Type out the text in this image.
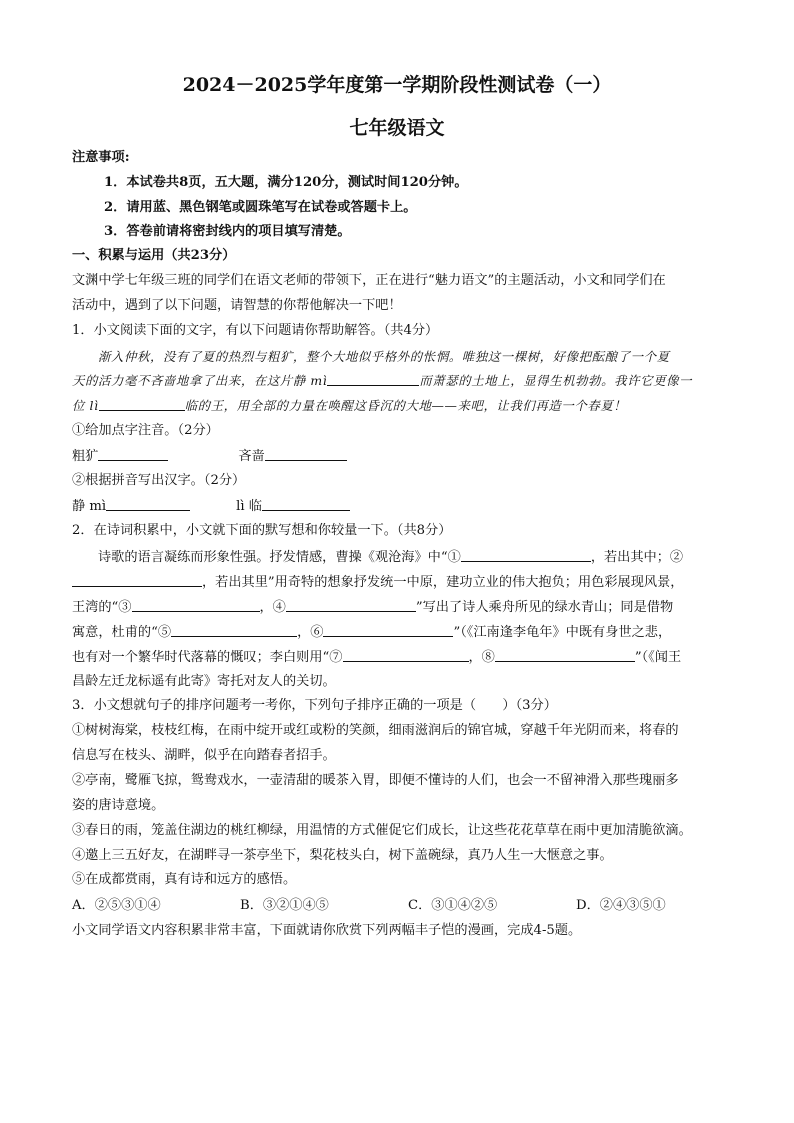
2024－2025学年度第一学期阶段性测试卷（一）
七年级语文
注意事项:
1．本试卷共8页，五大题，满分120分，测试时间120分钟。
2．请用蓝、黑色钢笔或圆珠笔写在试卷或答题卡上。
3．答卷前请将密封线内的项目填写清楚。
一、积累与运用（共23分）
文渊中学七年级三班的同学们在语文老师的带领下，正在进行“魅力语文”的主题活动，小文和同学们在
活动中，遇到了以下问题，请智慧的你帮他解决一下吧！
1．小文阅读下面的文字，有以下问题请你帮助解答。（共4分）
渐入仲秋，没有了夏的热烈与粗犷，整个大地似乎格外的怅惘。唯独这一棵树，好像把酝酿了一个夏
天的活力毫不吝啬地拿了出来，在这片静 mì	而萧瑟的土地上，显得生机勃勃。我许它更像一
位 lì	临的王，用全部的力量在唤醒这昏沉的大地——来吧，让我们再造一个春夏！
①给加点字注音。（2分）
粗犷	吝啬
②根据拼音写出汉字。（2分）
静 mì	lì 临
2．在诗词积累中，小文就下面的默写想和你较量一下。（共8分）
诗歌的语言凝练而形象性强。抒发情感，曹操《观沧海》中“①	，若出其中；②
，若出其里”用奇特的想象抒发统一中原，建功立业的伟大抱负；用色彩展现风景，
王湾的“③	，④	”写出了诗人乘舟所见的绿水青山；同是借物
寓意，杜甫的“⑤	，⑥	”（《江南逢李龟年》中既有身世之悲，
也有对一个繁华时代落幕的慨叹；李白则用“⑦	，⑧	”（《闻王
昌龄左迁龙标遥有此寄》寄托对友人的关切。
3．小文想就句子的排序问题考一考你，下列句子排序正确的一项是（　　）（3分）
①树树海棠，枝枝红梅，在雨中绽开或红或粉的笑颜，细雨滋润后的锦官城，穿越千年光阴而来，将春的
信息写在枝头、湖畔，似乎在向踏春者招手。
②亭南，鹭雁飞掠，鸳鸯戏水，一壶清甜的暖茶入胃，即便不懂诗的人们，也会一不留神滑入那些瑰丽多
姿的唐诗意境。
③春日的雨，笼盖住湖边的桃红柳绿，用温情的方式催促它们成长，让这些花花草草在雨中更加清脆欲滴。
④邀上三五好友，在湖畔寻一茶亭坐下，梨花枝头白，树下盖碗绿，真乃人生一大惬意之事。
⑤在成都赏雨，真有诗和远方的感悟。
A．②⑤③①④	B．③②①④⑤	C．③①④②⑤	D．②④③⑤①
小文同学语文内容积累非常丰富，下面就请你欣赏下列两幅丰子恺的漫画，完成4-5题。
